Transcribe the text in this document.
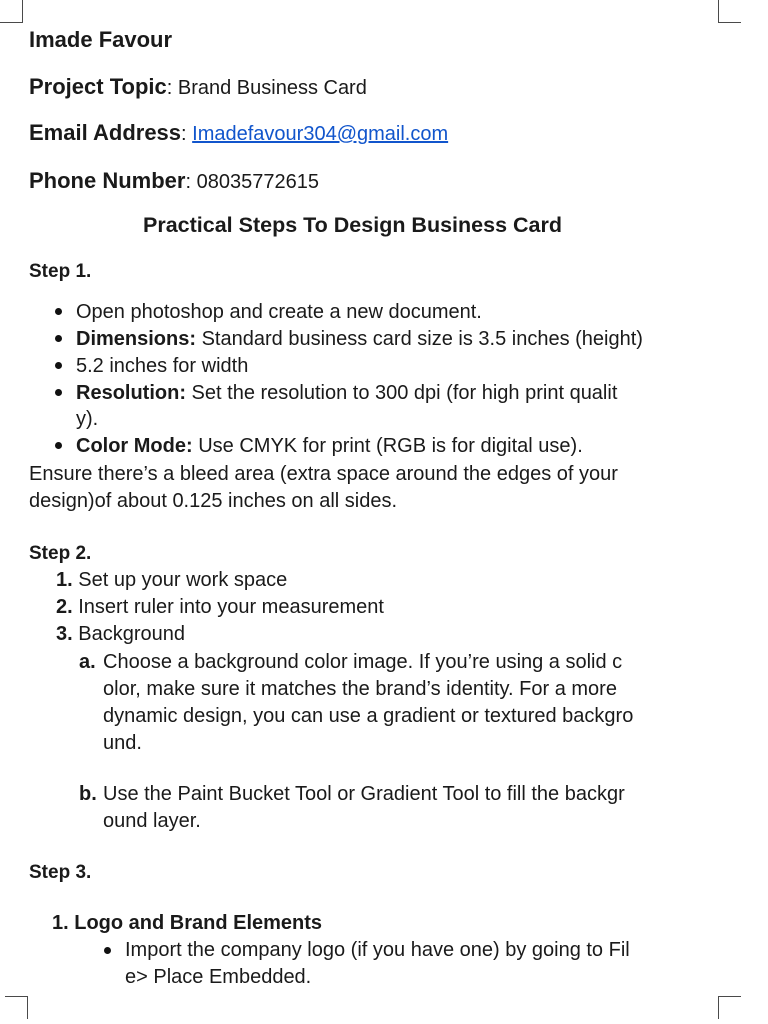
Imade Favour
Project Topic: Brand Business Card
Email Address: Imadefavour304@gmail.com
Phone Number: 08035772615
Practical Steps To Design Business Card
Step 1.
Open photoshop and create a new document.
Dimensions: Standard business card size is 3.5 inches (height)
5.2 inches for width
Resolution: Set the resolution to 300 dpi (for high print qualit
y).
Color Mode: Use CMYK for print (RGB is for digital use).
Ensure there’s a bleed area (extra space around the edges of your
design)of about 0.125 inches on all sides.
Step 2.
1. Set up your work space
2. Insert ruler into your measurement
3. Background
a. Choose a background color image. If you’re using a solid c
olor, make sure it matches the brand’s identity. For a more
dynamic design, you can use a gradient or textured backgro
und.
b. Use the Paint Bucket Tool or Gradient Tool to fill the backgr
ound layer.
Step 3.
1. Logo and Brand Elements
Import the company logo (if you have one) by going to Fil
e> Place Embedded.
